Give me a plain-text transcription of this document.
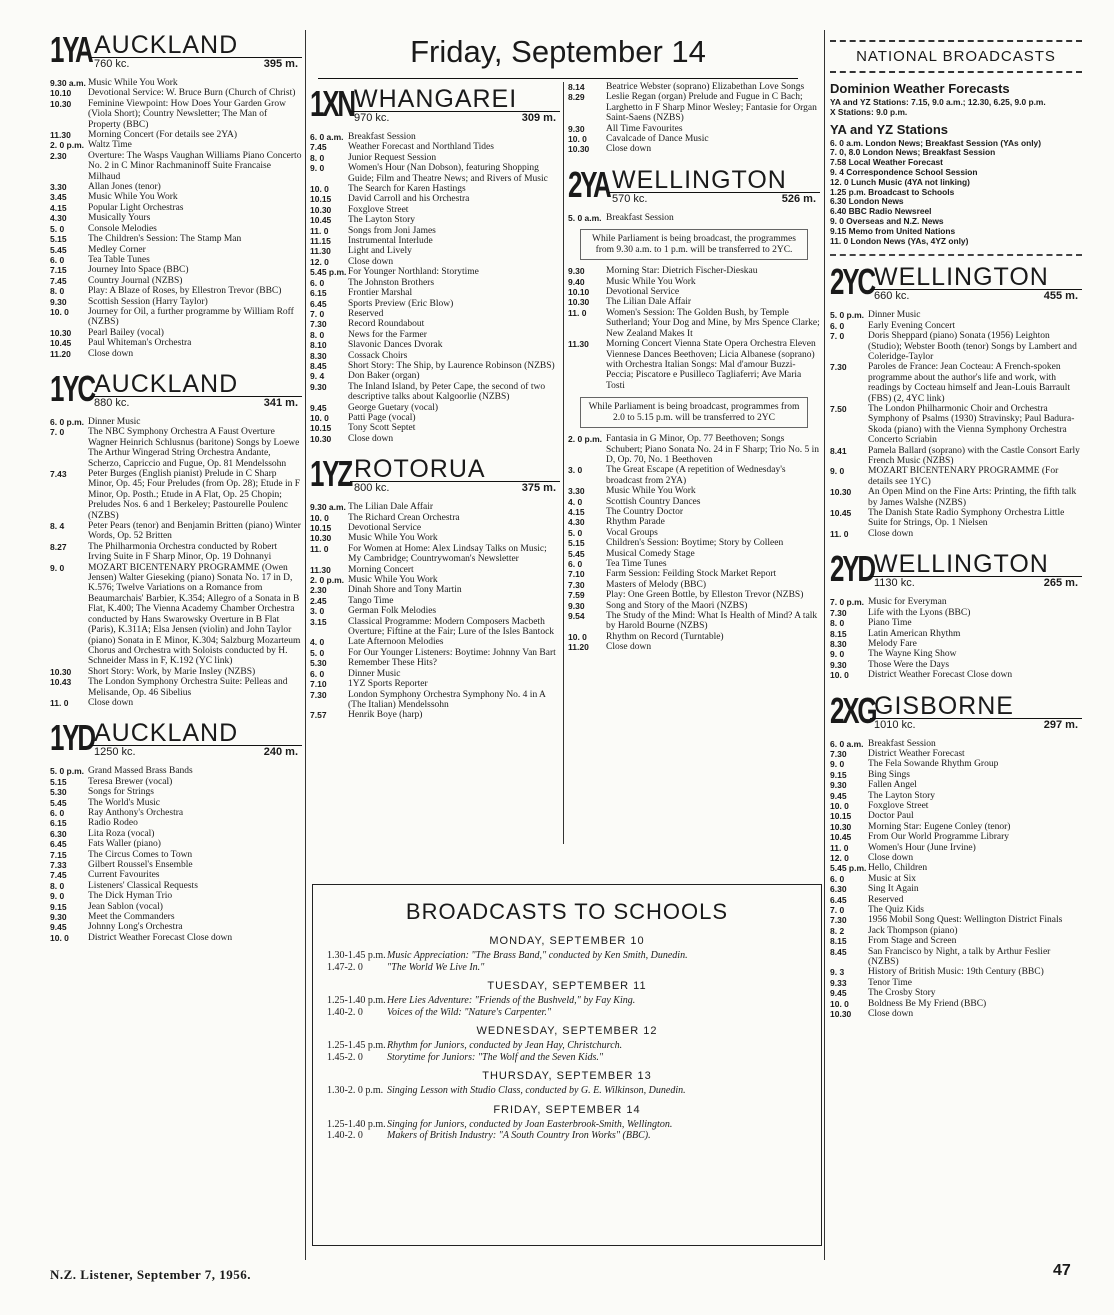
Friday, September 14
1YA AUCKLAND
760 kc.	395 m.
9.30 a.m. Music While You Work
10.10	Devotional Service: W. Bruce Burn (Church of Christ)
10.30	Feminine Viewpoint: How Does Your Garden Grow (Viola Short); Country Newsletter; The Man of Property (BBC)
11.30	Morning Concert (For details see 2YA)
2. 0 p.m. Waltz Time
2.30	Overture: The Wasps Vaughan Williams Piano Concerto No. 2 in C Minor Rachmaninoff Suite Francaise Milhaud
3.30	Allan Jones (tenor)
3.45	Music While You Work
4.15	Popular Light Orchestras
4.30	Musically Yours
5. 0	Console Melodies
5.15	The Children's Session: The Stamp Man
5.45	Medley Corner
6. 0	Tea Table Tunes
7.15	Journey Into Space (BBC)
7.45	Country Journal (NZBS)
8. 0	Play: A Blaze of Roses, by Ellestron Trevor (BBC)
9.30	Scottish Session (Harry Taylor)
10. 0	Journey for Oil, a further programme by William Roff (NZBS)
10.30	Pearl Bailey (vocal)
10.45	Paul Whiteman's Orchestra
11.20	Close down
1YC AUCKLAND
880 kc.	341 m.
6. 0 p.m. Dinner Music
7. 0	The NBC Symphony Orchestra A Faust Overture Wagner Heinrich Schlusnus (baritone) Songs by Loewe
The Arthur Wingerad String Orchestra Andante, Scherzo, Capriccio and Fugue, Op. 81 Mendelssohn
7.43	Peter Burges (English pianist) Prelude in C Sharp Minor, Op. 45; Four Preludes (from Op. 28); Etude in F Minor, Op. Posth.; Etude in A Flat, Op. 25 Chopin; Preludes Nos. 6 and 1 Berkeley; Pastourelle Poulenc (NZBS)
8. 4	Peter Pears (tenor) and Benjamin Britten (piano) Winter Words, Op. 52 Britten
8.27	The Philharmonia Orchestra conducted by Robert Irving Suite in F Sharp Minor, Op. 19 Dohnanyi
9. 0	MOZART BICENTENARY PROGRAMME (Owen Jensen) Walter Gieseking (piano) Sonata No. 17 in D, K.576; Twelve Variations on a Romance from Beaumarchais' Barbier, K.354; Allegro of a Sonata in B Flat, K.400; The Vienna Academy Chamber Orchestra conducted by Hans Swarowsky Overture in B Flat (Paris), K.311A; Elsa Jensen (violin) and John Taylor (piano) Sonata in E Minor, K.304; Salzburg Mozarteum Chorus and Orchestra with Soloists conducted by H. Schneider Mass in F, K.192 (YC link)
10.30	Short Story: Work, by Marie Insley (NZBS)
10.43	The London Symphony Orchestra Suite: Pelleas and Melisande, Op. 46 Sibelius
11. 0	Close down
1YD AUCKLAND
1250 kc.	240 m.
5. 0 p.m. Grand Massed Brass Bands
5.15	Teresa Brewer (vocal)
5.30	Songs for Strings
5.45	The World's Music
6. 0	Ray Anthony's Orchestra
6.15	Radio Rodeo
6.30	Lita Roza (vocal)
6.45	Fats Waller (piano)
7.15	The Circus Comes to Town
7.33	Gilbert Roussel's Ensemble
7.45	Current Favourites
8. 0	Listeners' Classical Requests
9. 0	The Dick Hyman Trio
9.15	Jean Sablon (vocal)
9.30	Meet the Commanders
9.45	Johnny Long's Orchestra
10. 0	District Weather Forecast Close down
1XN WHANGAREI
970 kc.	309 m.
6. 0 a.m. Breakfast Session
7.45	Weather Forecast and Northland Tides
8. 0	Junior Request Session
9. 0	Women's Hour (Nan Dobson), featuring Shopping Guide; Film and Theatre News; and Rivers of Music
10. 0	The Search for Karen Hastings
10.15	David Carroll and his Orchestra
10.30	Foxglove Street
10.45	The Layton Story
11. 0	Songs from Joni James
11.15	Instrumental Interlude
11.30	Light and Lively
12. 0	Close down
5.45 p.m. For Younger Northland: Storytime
6. 0	The Johnston Brothers
6.15	Frontier Marshal
6.45	Sports Preview (Eric Blow)
7. 0	Reserved
7.30	Record Roundabout
8. 0	News for the Farmer
8.10	Slavonic Dances Dvorak
8.30	Cossack Choirs
8.45	Short Story: The Ship, by Laurence Robinson (NZBS)
9. 4	Don Baker (organ)
9.30	The Inland Island, by Peter Cape, the second of two descriptive talks about Kalgoorlie (NZBS)
9.45	George Guetary (vocal)
10. 0	Patti Page (vocal)
10.15	Tony Scott Septet
10.30	Close down
1YZ ROTORUA
800 kc.	375 m.
9.30 a.m. The Lilian Dale Affair
10. 0	The Richard Crean Orchestra
10.15	Devotional Service
10.30	Music While You Work
11. 0	For Women at Home: Alex Lindsay Talks on Music; My Cambridge; Countrywoman's Newsletter
11.30	Morning Concert
2. 0 p.m. Music While You Work
2.30	Dinah Shore and Tony Martin
2.45	Tango Time
3. 0	German Folk Melodies
3.15	Classical Programme: Modern Composers Macbeth Overture; Fiftine at the Fair; Lure of the Isles Bantock
4. 0	Late Afternoon Melodies
5. 0	For Our Younger Listeners: Boytime: Johnny Van Bart
5.30	Remember These Hits?
6. 0	Dinner Music
7.10	1YZ Sports Reporter
7.30	London Symphony Orchestra Symphony No. 4 in A (The Italian) Mendelssohn
7.57	Henrik Boye (harp)
8.14	Beatrice Webster (soprano) Elizabethan Love Songs
8.29	Leslie Regan (organ) Prelude and Fugue in C Bach; Larghetto in F Sharp Minor Wesley; Fantasie for Organ Saint-Saens (NZBS)
9.30	All Time Favourites
10. 0	Cavalcade of Dance Music
10.30	Close down
2YA WELLINGTON
570 kc.	526 m.
5. 0 a.m. Breakfast Session
While Parliament is being broadcast, the programmes from 9.30 a.m. to 1 p.m. will be transferred to 2YC.
9.30	Morning Star: Dietrich Fischer-Dieskau
9.40	Music While You Work
10.10	Devotional Service
10.30	The Lilian Dale Affair
11. 0	Women's Session: The Golden Bush, by Temple Sutherland; Your Dog and Mine, by Mrs Spence Clarke; New Zealand Makes It
11.30	Morning Concert Vienna State Opera Orchestra Eleven Viennese Dances Beethoven; Licia Albanese (soprano) with Orchestra Italian Songs: Mal d'amour Buzzi-Peccia; Piscatore e Pusilleco Tagliaferri; Ave Maria Tosti
While Parliament is being broadcast, programmes from 2.0 to 5.15 p.m. will be transferred to 2YC
2. 0 p.m. Fantasia in G Minor, Op. 77 Beethoven; Songs Schubert; Piano Sonata No. 24 in F Sharp; Trio No. 5 in D, Op. 70, No. 1 Beethoven
3. 0	The Great Escape (A repetition of Wednesday's broadcast from 2YA)
3.30	Music While You Work
4. 0	Scottish Country Dances
4.15	The Country Doctor
4.30	Rhythm Parade
5. 0	Vocal Groups
5.15	Children's Session: Boytime; Story by Colleen
5.45	Musical Comedy Stage
6. 0	Tea Time Tunes
7.10	Farm Session: Feilding Stock Market Report
7.30	Masters of Melody (BBC)
7.59	Play: One Green Bottle, by Elleston Trevor (NZBS)
9.30	Song and Story of the Maori (NZBS)
9.54	The Study of the Mind: What Is Health of Mind? A talk by Harold Bourne (NZBS)
10. 0	Rhythm on Record (Turntable)
11.20	Close down
NATIONAL BROADCASTS
Dominion Weather Forecasts
YA and YZ Stations: 7.15, 9.0 a.m.; 12.30, 6.25, 9.0 p.m.
X Stations: 9.0 p.m.
YA and YZ Stations
6. 0 a.m. London News; Breakfast Session (YAs only)
7. 0, 8.0 London News; Breakfast Session
7.58 Local Weather Forecast
9. 4 Correspondence School Session
12. 0 Lunch Music (4YA not linking)
1.25 p.m. Broadcast to Schools
6.30 London News
6.40 BBC Radio Newsreel
9. 0 Overseas and N.Z. News
9.15 Memo from United Nations
11. 0 London News (YAs, 4YZ only)
2YC WELLINGTON
660 kc.	455 m.
5. 0 p.m. Dinner Music
6. 0	Early Evening Concert
7. 0	Doris Sheppard (piano) Sonata (1956) Leighton (Studio); Webster Booth (tenor) Songs by Lambert and Coleridge-Taylor
7.30	Paroles de France: Jean Cocteau: A French-spoken programme about the author's life and work, with readings by Cocteau himself and Jean-Louis Barrault (FBS) (2, 4YC link)
7.50	The London Philharmonic Choir and Orchestra Symphony of Psalms (1930) Stravinsky; Paul Badura-Skoda (piano) with the Vienna Symphony Orchestra Concerto Scriabin
8.41	Pamela Ballard (soprano) with the Castle Consort Early French Music (NZBS)
9. 0	MOZART BICENTENARY PROGRAMME (For details see 1YC)
10.30	An Open Mind on the Fine Arts: Printing, the fifth talk by James Walshe (NZBS)
10.45	The Danish State Radio Symphony Orchestra Little Suite for Strings, Op. 1 Nielsen
11. 0	Close down
2YD WELLINGTON
1130 kc.	265 m.
7. 0 p.m. Music for Everyman
7.30	Life with the Lyons (BBC)
8. 0	Piano Time
8.15	Latin American Rhythm
8.30	Melody Fare
9. 0	The Wayne King Show
9.30	Those Were the Days
10. 0	District Weather Forecast Close down
2XG
GISBORNE
1010 kc.	297 m.
6. 0 a.m. Breakfast Session
7.30	District Weather Forecast
9. 0	The Fela Sowande Rhythm Group
9.15	Bing Sings
9.30	Fallen Angel
9.45	The Layton Story
10. 0	Foxglove Street
10.15	Doctor Paul
10.30	Morning Star: Eugene Conley (tenor)
10.45	From Our World Programme Library
11. 0	Women's Hour (June Irvine)
12. 0	Close down
5.45 p.m. Hello, Children
6. 0	Music at Six
6.30	Sing It Again
6.45	Reserved
7. 0	The Quiz Kids
7.30	1956 Mobil Song Quest: Wellington District Finals
8. 2	Jack Thompson (piano)
8.15	From Stage and Screen
8.45	San Francisco by Night, a talk by Arthur Feslier (NZBS)
9. 3	History of British Music: 19th Century (BBC)
9.33	Tenor Time
9.45	The Crosby Story
10. 0	Boldness Be My Friend (BBC)
10.30	Close down
BROADCASTS TO SCHOOLS
MONDAY, SEPTEMBER 10
1.30-1.45 p.m. Music Appreciation: "The Brass Band," conducted by Ken Smith, Dunedin.
1.47-2. 0	"The World We Live In."
TUESDAY, SEPTEMBER 11
1.25-1.40 p.m. Here Lies Adventure: "Friends of the Bushveld," by Fay King.
1.40-2. 0	Voices of the Wild: "Nature's Carpenter."
WEDNESDAY, SEPTEMBER 12
1.25-1.45 p.m. Rhythm for Juniors, conducted by Jean Hay, Christchurch.
1.45-2. 0	Storytime for Juniors: "The Wolf and the Seven Kids."
THURSDAY, SEPTEMBER 13
1.30-2. 0 p.m. Singing Lesson with Studio Class, conducted by G. E. Wilkinson, Dunedin.
FRIDAY, SEPTEMBER 14
1.25-1.40 p.m. Singing for Juniors, conducted by Joan Easterbrook-Smith, Wellington.
1.40-2. 0	Makers of British Industry: "A South Country Iron Works" (BBC).
N.Z. Listener, September 7, 1956.	47
